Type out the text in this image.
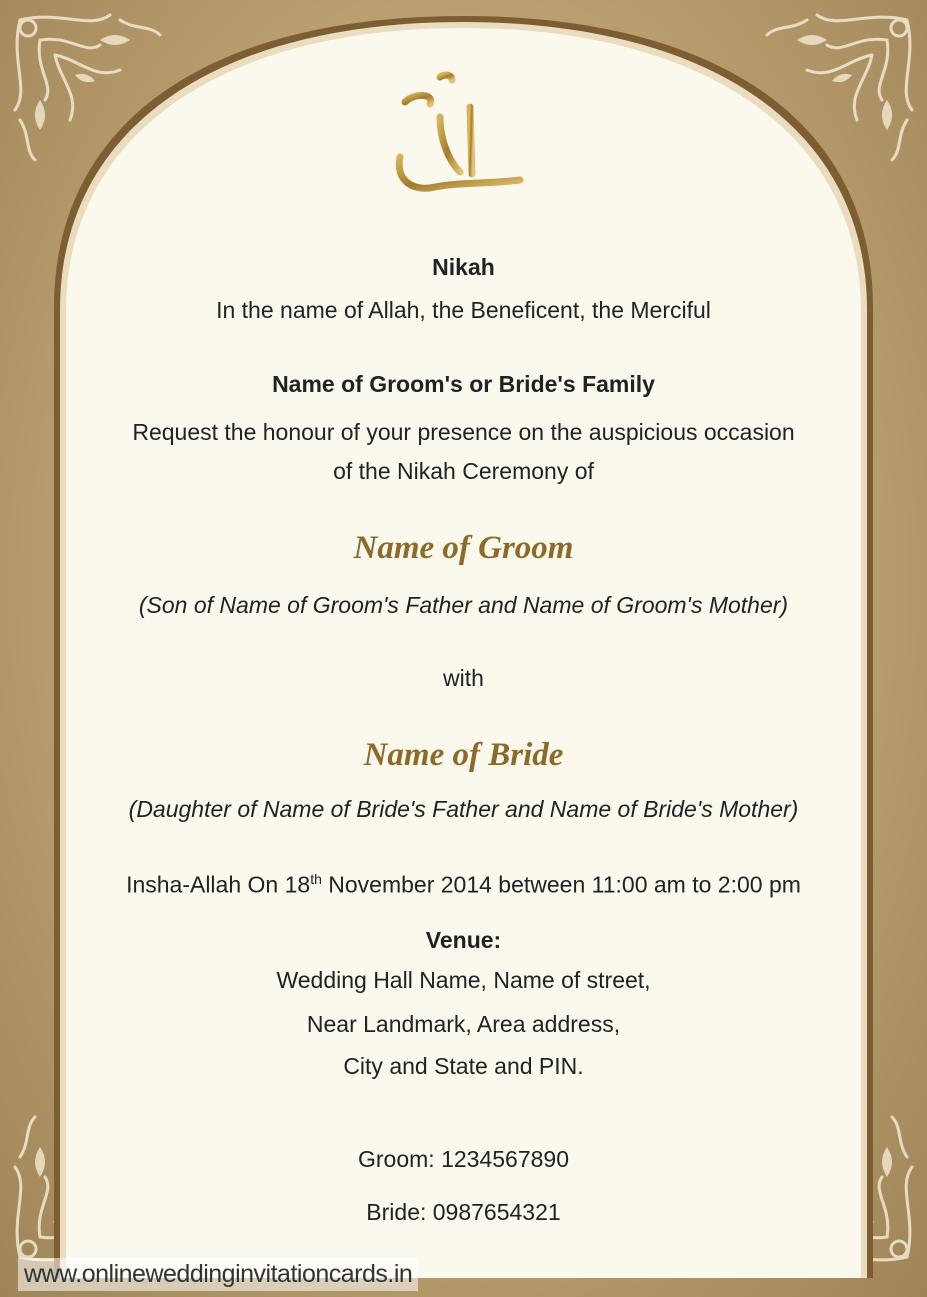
Nikah
In the name of Allah, the Beneficent, the Merciful
Name of Groom's or Bride's Family
Request the honour of your presence on the auspicious occasion
of the Nikah Ceremony of
Name of Groom
(Son of Name of Groom's Father and Name of Groom's Mother)
with
Name of Bride
(Daughter of Name of Bride's Father and Name of Bride's Mother)
Insha-Allah On 18th November 2014 between 11:00 am to 2:00 pm
Venue:
Wedding Hall Name, Name of street,
Near Landmark, Area address,
City and State and PIN.
Groom: 1234567890
Bride: 0987654321
www.onlineweddinginvitationcards.in
